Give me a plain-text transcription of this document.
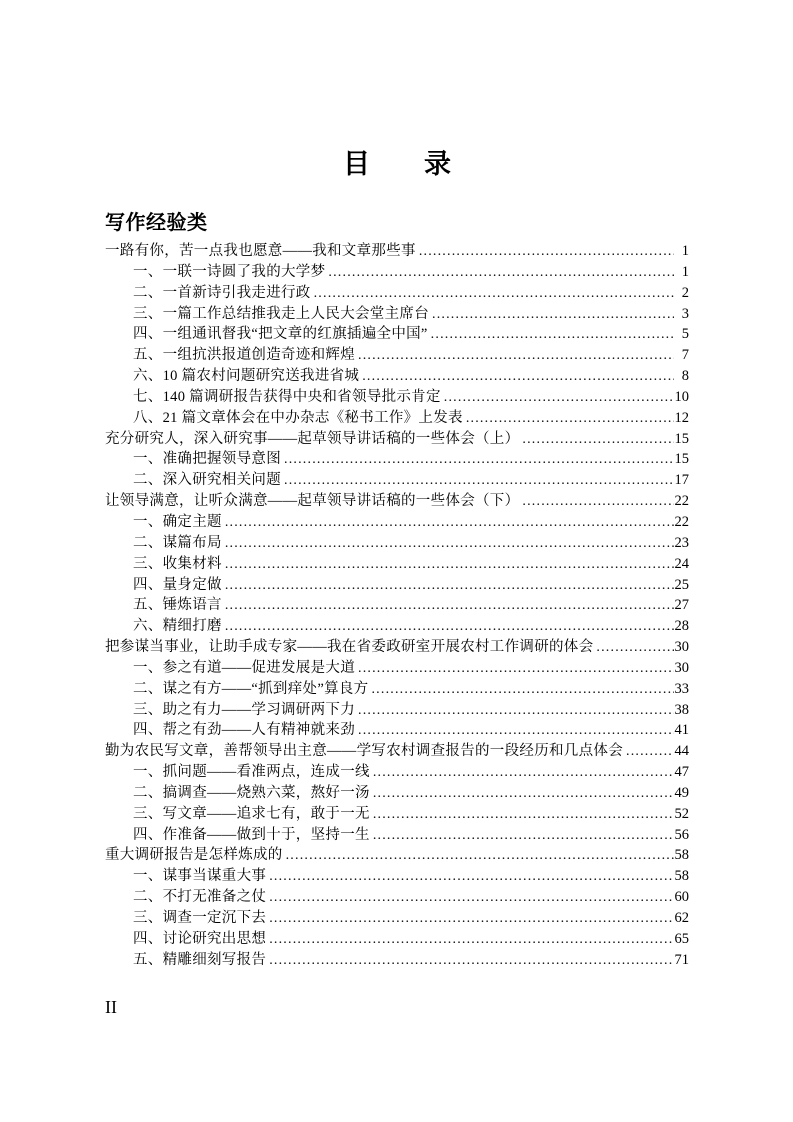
目　　录
写作经验类
一路有你，苦一点我也愿意——我和文章那些事 .....	1
一、一联一诗圆了我的大学梦 .....	1
二、一首新诗引我走进行政 .....	2
三、一篇工作总结推我走上人民大会堂主席台 .....	3
四、一组通讯督我“把文章的红旗插遍全中国” .....	5
五、一组抗洪报道创造奇迹和辉煌 .....	7
六、10 篇农村问题研究送我进省城 .....	8
七、140 篇调研报告获得中央和省领导批示肯定 .....	10
八、21 篇文章体会在中办杂志《秘书工作》上发表 .....	12
充分研究人，深入研究事——起草领导讲话稿的一些体会（上） .....	15
一、准确把握领导意图 .....	15
二、深入研究相关问题 .....	17
让领导满意，让听众满意——起草领导讲话稿的一些体会（下） .....	22
一、确定主题 .....	22
二、谋篇布局 .....	23
三、收集材料 .....	24
四、量身定做 .....	25
五、锤炼语言 .....	27
六、精细打磨 .....	28
把参谋当事业，让助手成专家——我在省委政研室开展农村工作调研的体会 .....	30
一、参之有道——促进发展是大道 .....	30
二、谋之有方——“抓到痒处”算良方 .....	33
三、助之有力——学习调研两下力 .....	38
四、帮之有劲——人有精神就来劲 .....	41
勤为农民写文章，善帮领导出主意——学写农村调查报告的一段经历和几点体会 .....	44
一、抓问题——看准两点，连成一线 .....	47
二、搞调查——烧熟六菜，熬好一汤 .....	49
三、写文章——追求七有，敢于一无 .....	52
四、作准备——做到十于，坚持一生 .....	56
重大调研报告是怎样炼成的 .....	58
一、谋事当谋重大事 .....	58
二、不打无准备之仗 .....	60
三、调查一定沉下去 .....	62
四、讨论研究出思想 .....	65
五、精雕细刻写报告 .....	71
II
